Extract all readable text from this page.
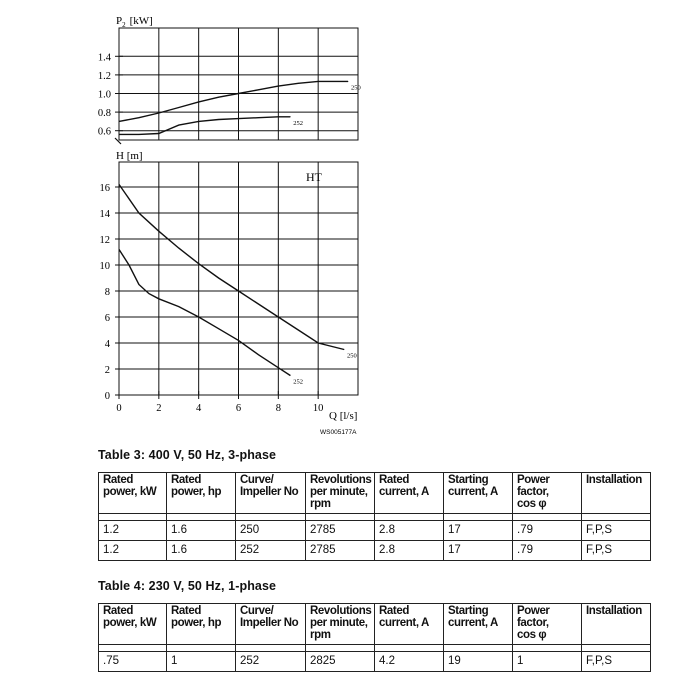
$P_2$ [kW]
1.4
1.2
1.0
0.8
0.6
250
252
H [m]
HT
16
14
12
10
8
6
4
2
0
0	2	4	6	8	10
250
252
Q [l/s]
WS005177A
Table 3: 400 V, 50 Hz, 3-phase
Rated
power, kW	Rated
power, hp	Curve/
Impeller No	Revolutions
per minute,
rpm	Rated
current, A	Starting
current, A	Power factor,
cos φ	Installation

1.2	1.6	250	2785	2.8	17	.79	F,P,S
1.2	1.6	252	2785	2.8	17	.79	F,P,S
Table 4: 230 V, 50 Hz, 1-phase
Rated
power, kW	Rated
power, hp	Curve/
Impeller No	Revolutions
per minute,
rpm	Rated
current, A	Starting
current, A	Power factor,
cos φ	Installation

.75	1	252	2825	4.2	19	1	F,P,S
